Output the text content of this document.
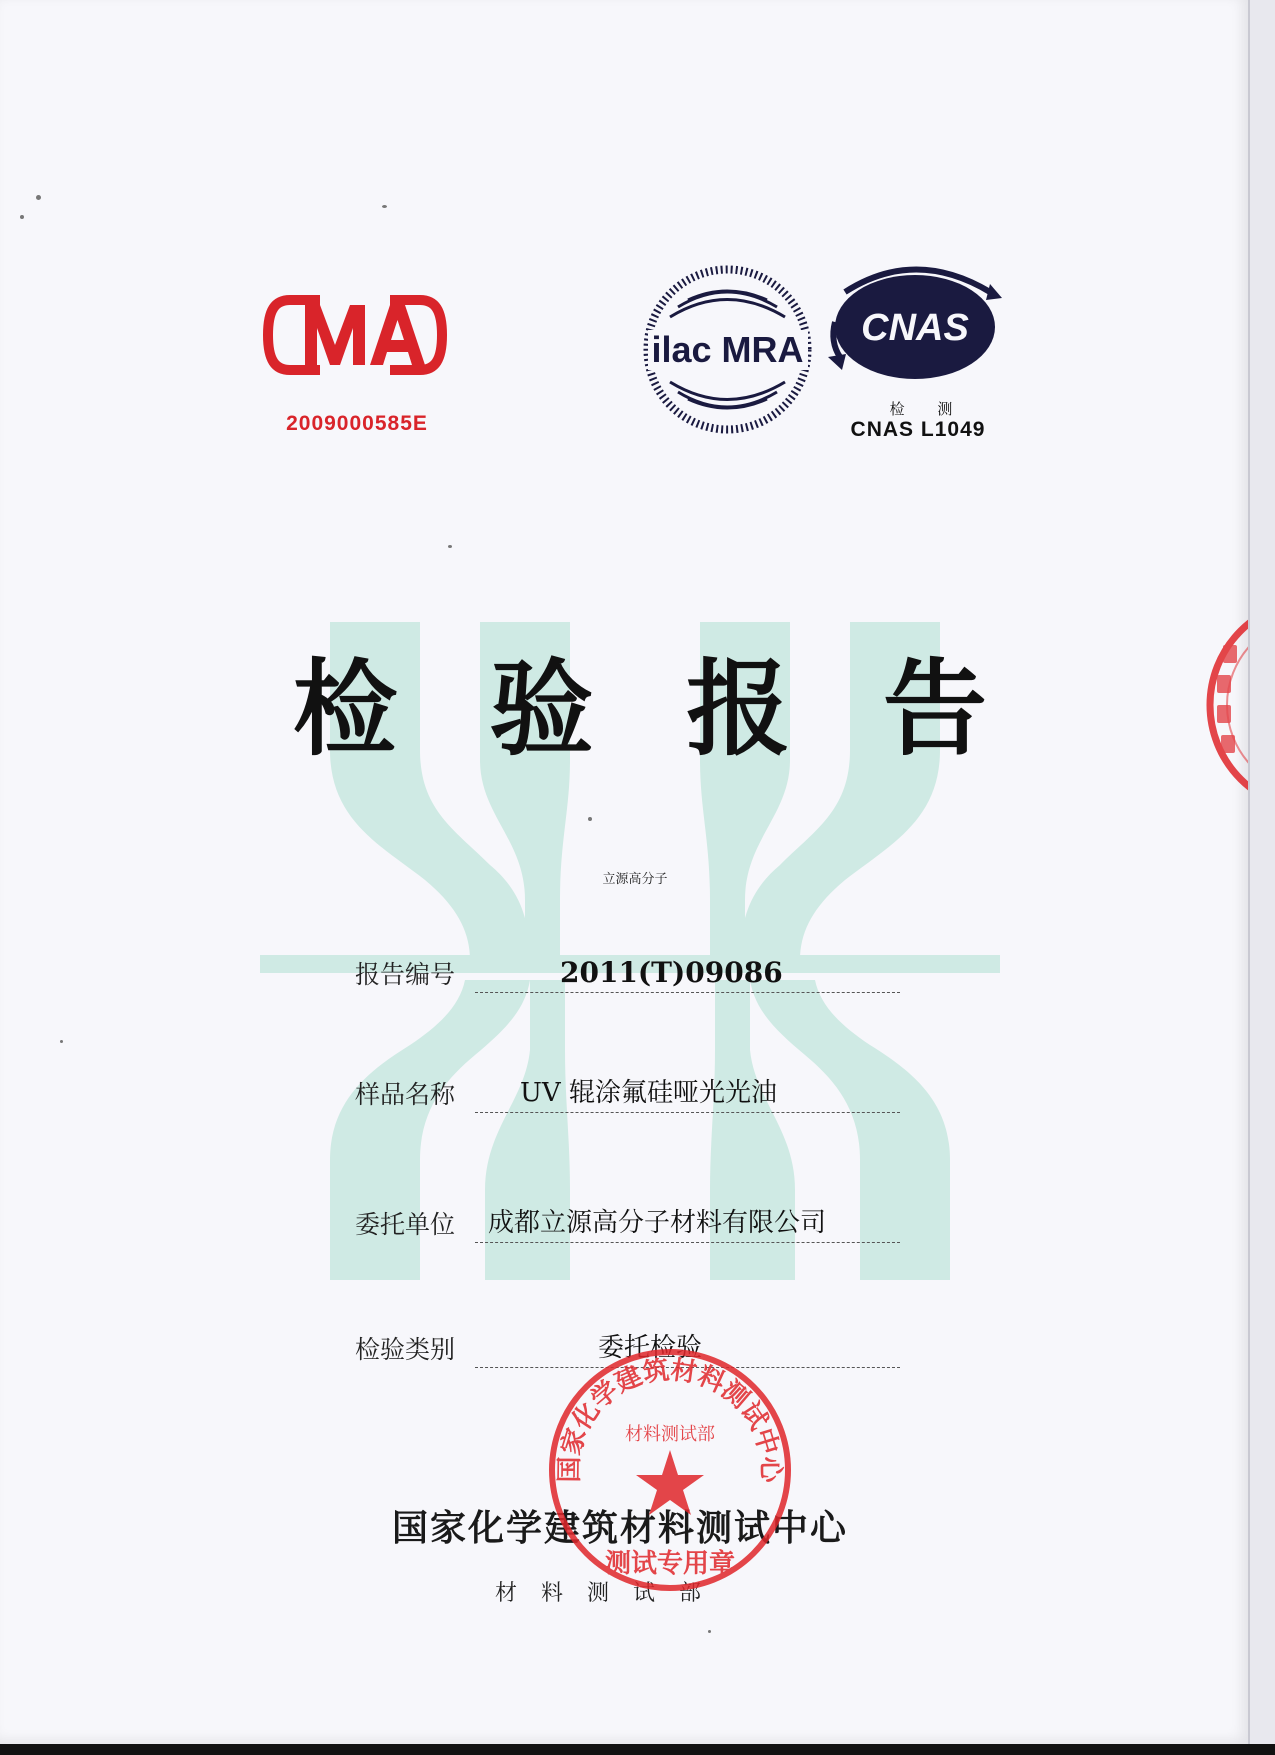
2009000585E
ilac MRA
CNAS
检 测
CNAS L1049
检 验 报 告
立源高分子
报告编号	2011(T)09086
样品名称 UV 辊涂氟硅哑光光油
委托单位 成都立源高分子材料有限公司
检验类别	委托检验
国家化学建筑材料测试中心
材料测试部
国家化学建筑材料测试中心
材料测试部
测试专用章
